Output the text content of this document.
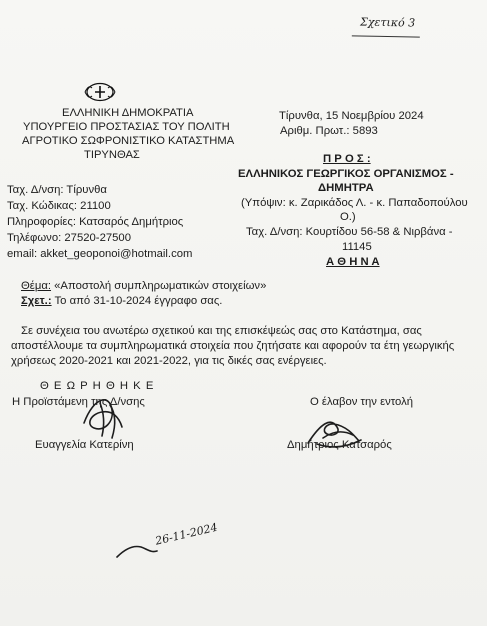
Σχετικό 3
ΕΛΛΗΝΙΚΗ ΔΗΜΟΚΡΑΤΙΑ
ΥΠΟΥΡΓΕΙΟ ΠΡΟΣΤΑΣΙΑΣ ΤΟΥ ΠΟΛΙΤΗ
ΑΓΡΟΤΙΚΟ ΣΩΦΡΟΝΙΣΤΙΚΟ ΚΑΤΑΣΤΗΜΑ
ΤΙΡΥΝΘΑΣ
Τίρυνθα, 15 Νοεμβρίου 2024
Αριθμ. Πρωτ.: 5893
Ταχ. Δ/νση: Τίρυνθα
Ταχ. Κώδικας: 21100
Πληροφορίες: Κατσαρός Δημήτριος
Τηλέφωνο: 27520-27500
email: akket_geoponoi@hotmail.com
Π Ρ Ο Σ :
ΕΛΛΗΝΙΚΟΣ ΓΕΩΡΓΙΚΟΣ ΟΡΓΑΝΙΣΜΟΣ -
ΔΗΜΗΤΡΑ
(Υπόψιν: κ. Ζαρικάδος Λ. - κ. Παπαδοπούλου
Ο.)
Ταχ. Δ/νση: Κουρτίδου 56-58 & Νιρβάνα -
11145
Α Θ Η Ν Α
Θέμα: «Αποστολή συμπληρωματικών στοιχείων»
Σχετ.: Το από 31-10-2024 έγγραφο σας.
Σε συνέχεια του ανωτέρω σχετικού και της επισκέψεώς σας στο Κατάστημα, σας
αποστέλλουμε τα συμπληρωματικά στοιχεία που ζητήσατε και αφορούν τα έτη γεωργικής
χρήσεως 2020-2021 και 2021-2022, για τις δικές σας ενέργειες.
Θ Ε Ω Ρ Η Θ Η Κ Ε
Η Προϊστάμενη της Δ/νσης
Ευαγγελία Κατερίνη
Ο έλαβον την εντολή
Δημήτριος Κατσαρός
26-11-2024
